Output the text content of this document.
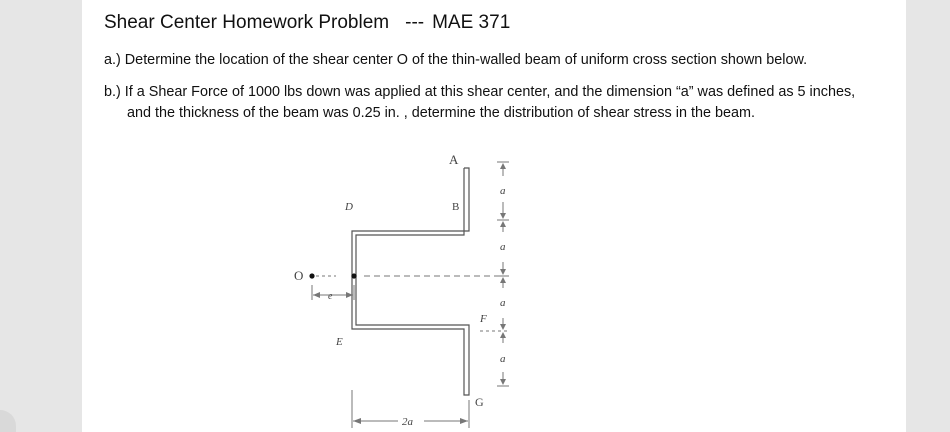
Shear Center Homework Problem --- MAE 371
a.) Determine the location of the shear center O of the thin-walled beam of uniform cross section shown below.
b.) If a Shear Force of 1000 lbs down was applied at this shear center, and the dimension “a” was defined as 5 inches,
and the thickness of the beam was 0.25 in. , determine the distribution of shear stress in the beam.
A
B
D
E
F
G
O
e
2a
a
a
a
a
